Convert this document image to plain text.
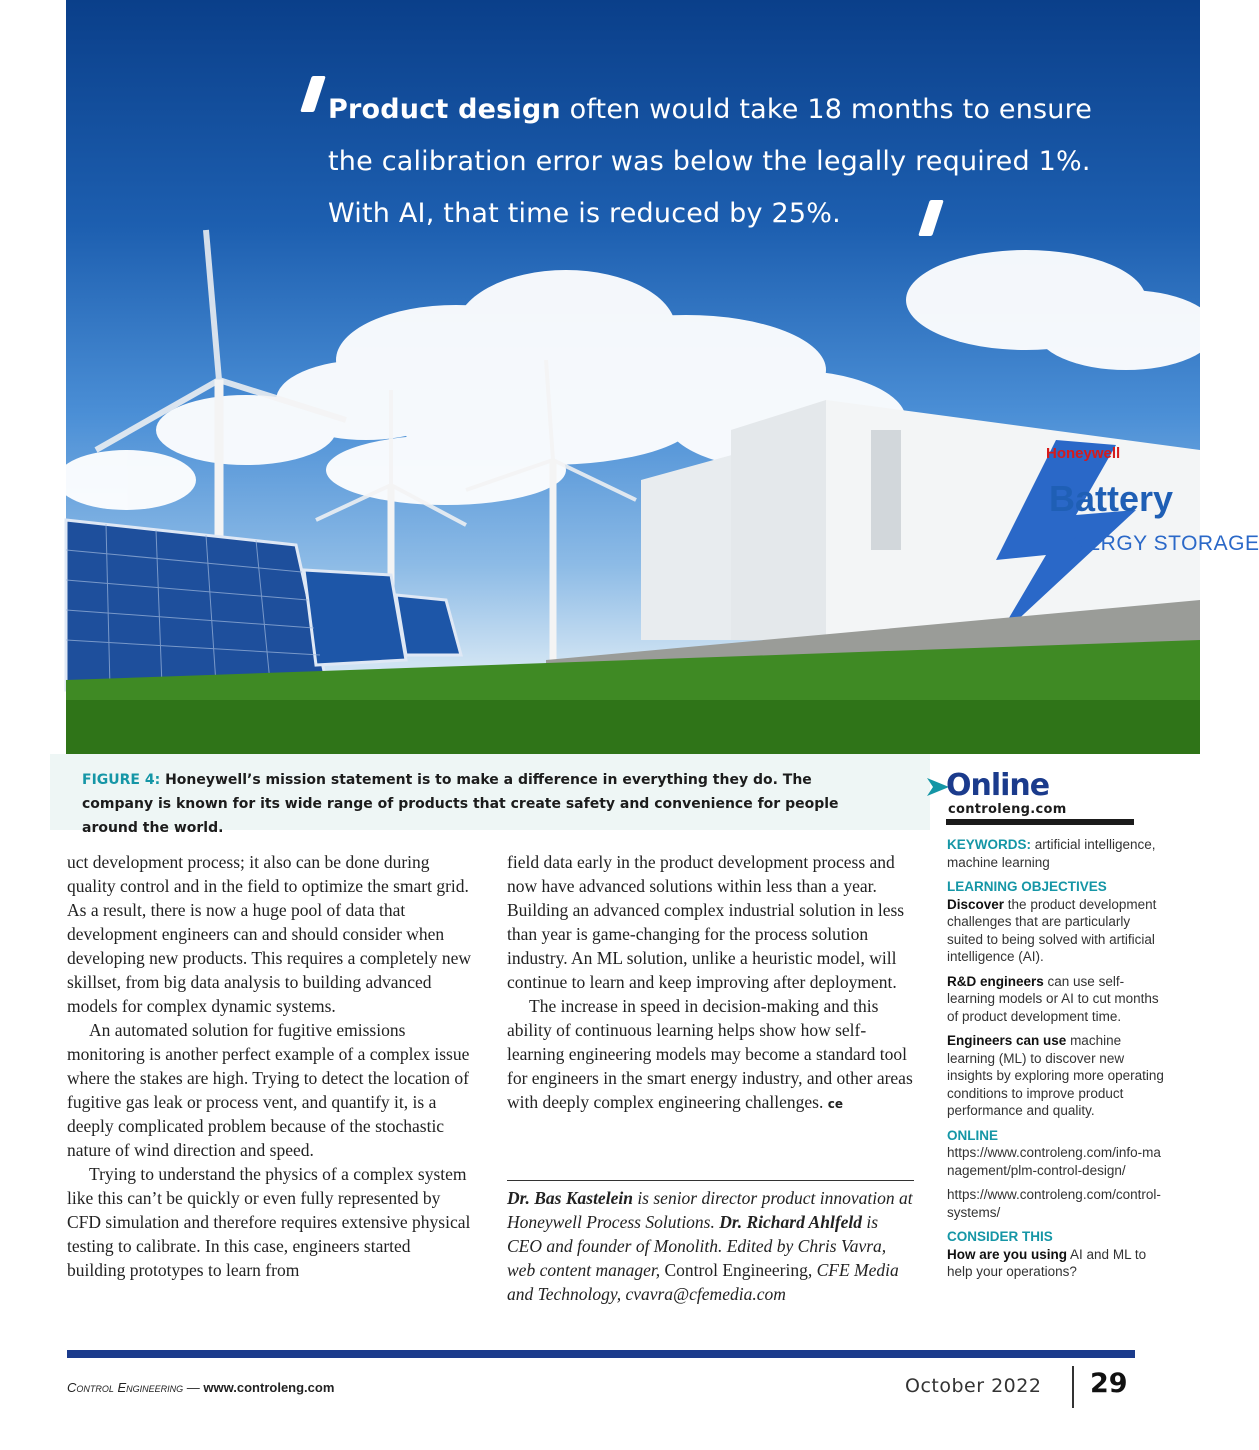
Honeywell
Battery
ENERGY STORAGE
Product design often would take 18 months to ensure the calibration error was below the legally required 1%. With AI, that time is reduced by 25%.
FIGURE 4: Honeywell’s mission statement is to make a difference in everything they do. The company is known for its wide range of products that create safety and convenience for people around the world.

uct development process; it also can be done during quality control and in the field to optimize the smart grid. As a result, there is now a huge pool of data that development engineers can and should consider when developing new products. This requires a completely new skillset, from big data analysis to building advanced models for complex dynamic systems.

An automated solution for fugitive emissions monitoring is another perfect example of a complex issue where the stakes are high. Trying to detect the location of fugitive gas leak or process vent, and quantify it, is a deeply complicated problem because of the stochastic nature of wind direction and speed.

Trying to understand the physics of a complex system like this can’t be quickly or even fully represented by CFD simulation and therefore requires extensive physical testing to calibrate. In this case, engineers started building prototypes to learn from

field data early in the product development process and now have advanced solutions within less than a year. Building an advanced complex industrial solution in less than year is game-changing for the process solution industry. An ML solution, unlike a heuristic model, will continue to learn and keep improving after deployment.

The increase in speed in decision-making and this ability of continuous learning helps show how self-learning engineering models may become a standard tool for engineers in the smart energy industry, and other areas with deeply complex engineering challenges. ce

Dr. Bas Kastelein is senior director product innovation at Honeywell Process Solutions. Dr. Richard Ahlfeld is CEO and founder of Monolith. Edited by Chris Vavra, web content manager, Control Engineering, CFE Media and Technology, cvavra@cfemedia.com
Online
controleng.com
KEYWORDS: artificial intelligence, machine learning
LEARNING OBJECTIVES
Discover the product development challenges that are particularly suited to being solved with artificial intelligence (AI).
R&D engineers can use self-learning models or AI to cut months of product development time.
Engineers can use machine learning (ML) to discover new insights by exploring more operating conditions to improve product performance and quality.
ONLINE
https://www.controleng.com/info-management/plm-control-design/
https://www.controleng.com/control-systems/
CONSIDER THIS
How are you using AI and ML to help your operations?
Control Engineering — www.controleng.com	October 2022 29
